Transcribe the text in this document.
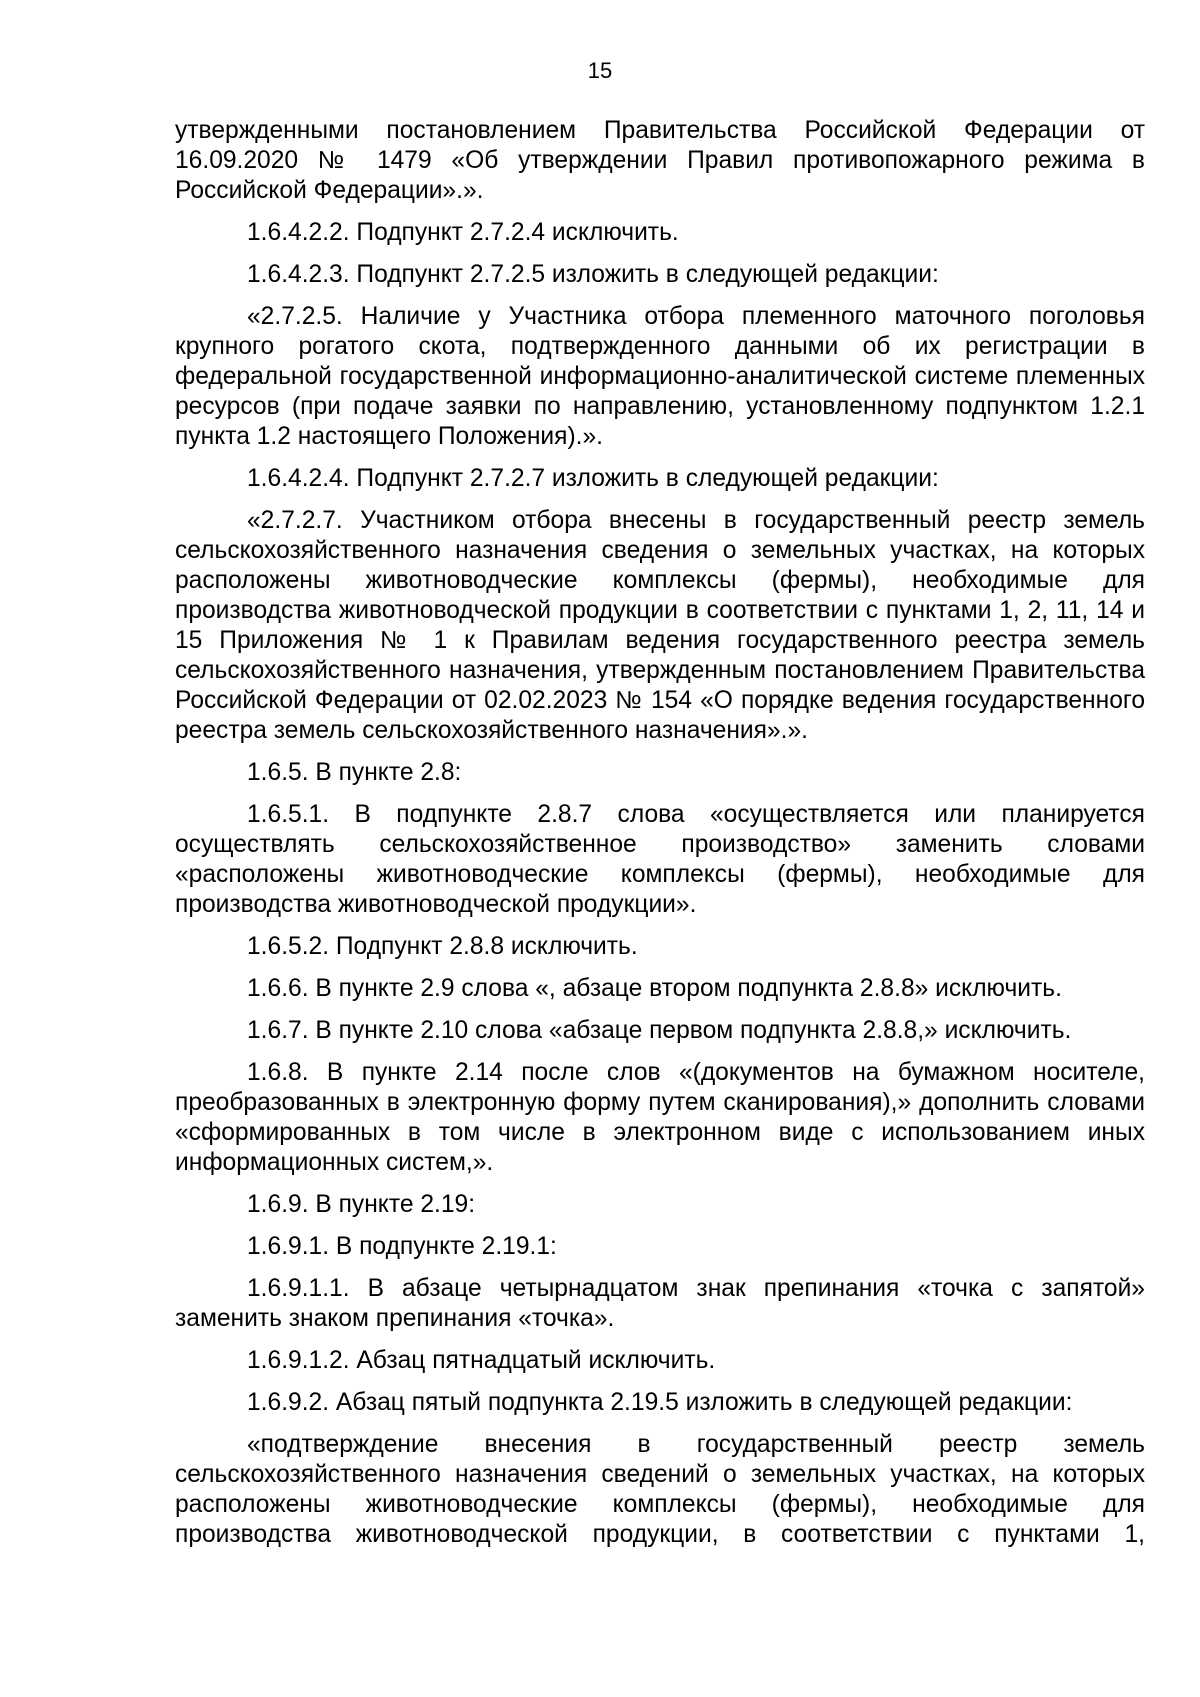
15

утвержденными постановлением Правительства Российской Федерации от 16.09.2020 № 1479 «Об утверждении Правил противопожарного режима в Российской Федерации».».

1.6.4.2.2. Подпункт 2.7.2.4 исключить.

1.6.4.2.3. Подпункт 2.7.2.5 изложить в следующей редакции:

«2.7.2.5. Наличие у Участника отбора племенного маточного поголовья крупного рогатого скота, подтвержденного данными об их регистрации в федеральной государственной информационно-аналитической системе племенных ресурсов (при подаче заявки по направлению, установленному подпунктом 1.2.1 пункта 1.2 настоящего Положения).».

1.6.4.2.4. Подпункт 2.7.2.7 изложить в следующей редакции:

«2.7.2.7. Участником отбора внесены в государственный реестр земель сельскохозяйственного назначения сведения о земельных участках, на которых расположены животноводческие комплексы (фермы), необходимые для производства животноводческой продукции в соответствии с пунктами 1, 2, 11, 14 и 15 Приложения № 1 к Правилам ведения государственного реестра земель сельскохозяйственного назначения, утвержденным постановлением Правительства Российской Федерации от 02.02.2023 № 154 «О порядке ведения государственного реестра земель сельскохозяйственного назначения».».

1.6.5. В пункте 2.8:

1.6.5.1. В подпункте 2.8.7 слова «осуществляется или планируется осуществлять сельскохозяйственное производство» заменить словами «расположены животноводческие комплексы (фермы), необходимые для производства животноводческой продукции».

1.6.5.2. Подпункт 2.8.8 исключить.

1.6.6. В пункте 2.9 слова «, абзаце втором подпункта 2.8.8» исключить.

1.6.7. В пункте 2.10 слова «абзаце первом подпункта 2.8.8,» исключить.

1.6.8. В пункте 2.14 после слов «(документов на бумажном носителе, преобразованных в электронную форму путем сканирования),» дополнить словами «сформированных в том числе в электронном виде с использованием иных информационных систем,».

1.6.9. В пункте 2.19:

1.6.9.1. В подпункте 2.19.1:

1.6.9.1.1. В абзаце четырнадцатом знак препинания «точка с запятой» заменить знаком препинания «точка».

1.6.9.1.2. Абзац пятнадцатый исключить.

1.6.9.2. Абзац пятый подпункта 2.19.5 изложить в следующей редакции:

«подтверждение внесения в государственный реестр земель сельскохозяйственного назначения сведений о земельных участках, на которых расположены животноводческие комплексы (фермы), необходимые для производства животноводческой продукции, в соответствии с пунктами 1,
